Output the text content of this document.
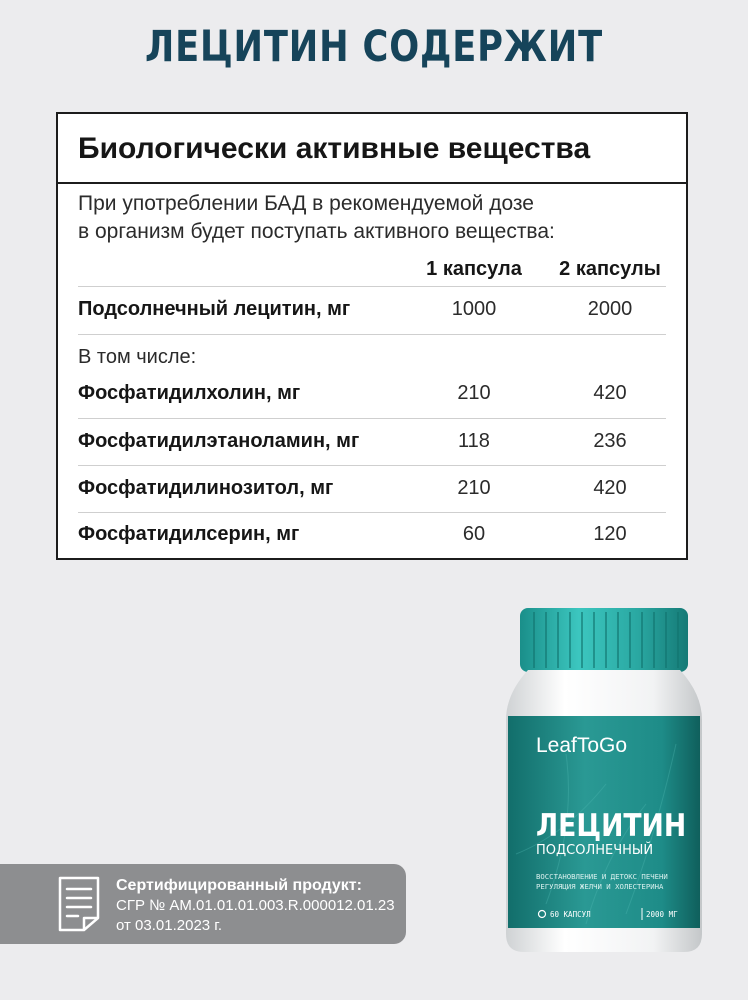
ЛЕЦИТИН СОДЕРЖИТ
Биологически активные вещества
При употреблении БАД в рекомендуемой дозе
в организм будет поступать активного вещества:
1 капсула	2 капсулы
Подсолнечный лецитин, мг	1000	2000
В том числе:
Фосфатидилхолин, мг	210	420
Фосфатидилэтаноламин, мг	118	236
Фосфатидилинозитол, мг	210	420
Фосфатидилсерин, мг	60	120
LeafToGo
ЛЕЦИТИН
ПОДСОЛНЕЧНЫЙ
ВОССТАНОВЛЕНИЕ И ДЕТОКС ПЕЧЕНИ
РЕГУЛЯЦИЯ ЖЕЛЧИ И ХОЛЕСТЕРИНА
60 КАПСУЛ	2000 МГ
Сертифицированный продукт:
СГР № AM.01.01.01.003.R.000012.01.23
от 03.01.2023 г.
